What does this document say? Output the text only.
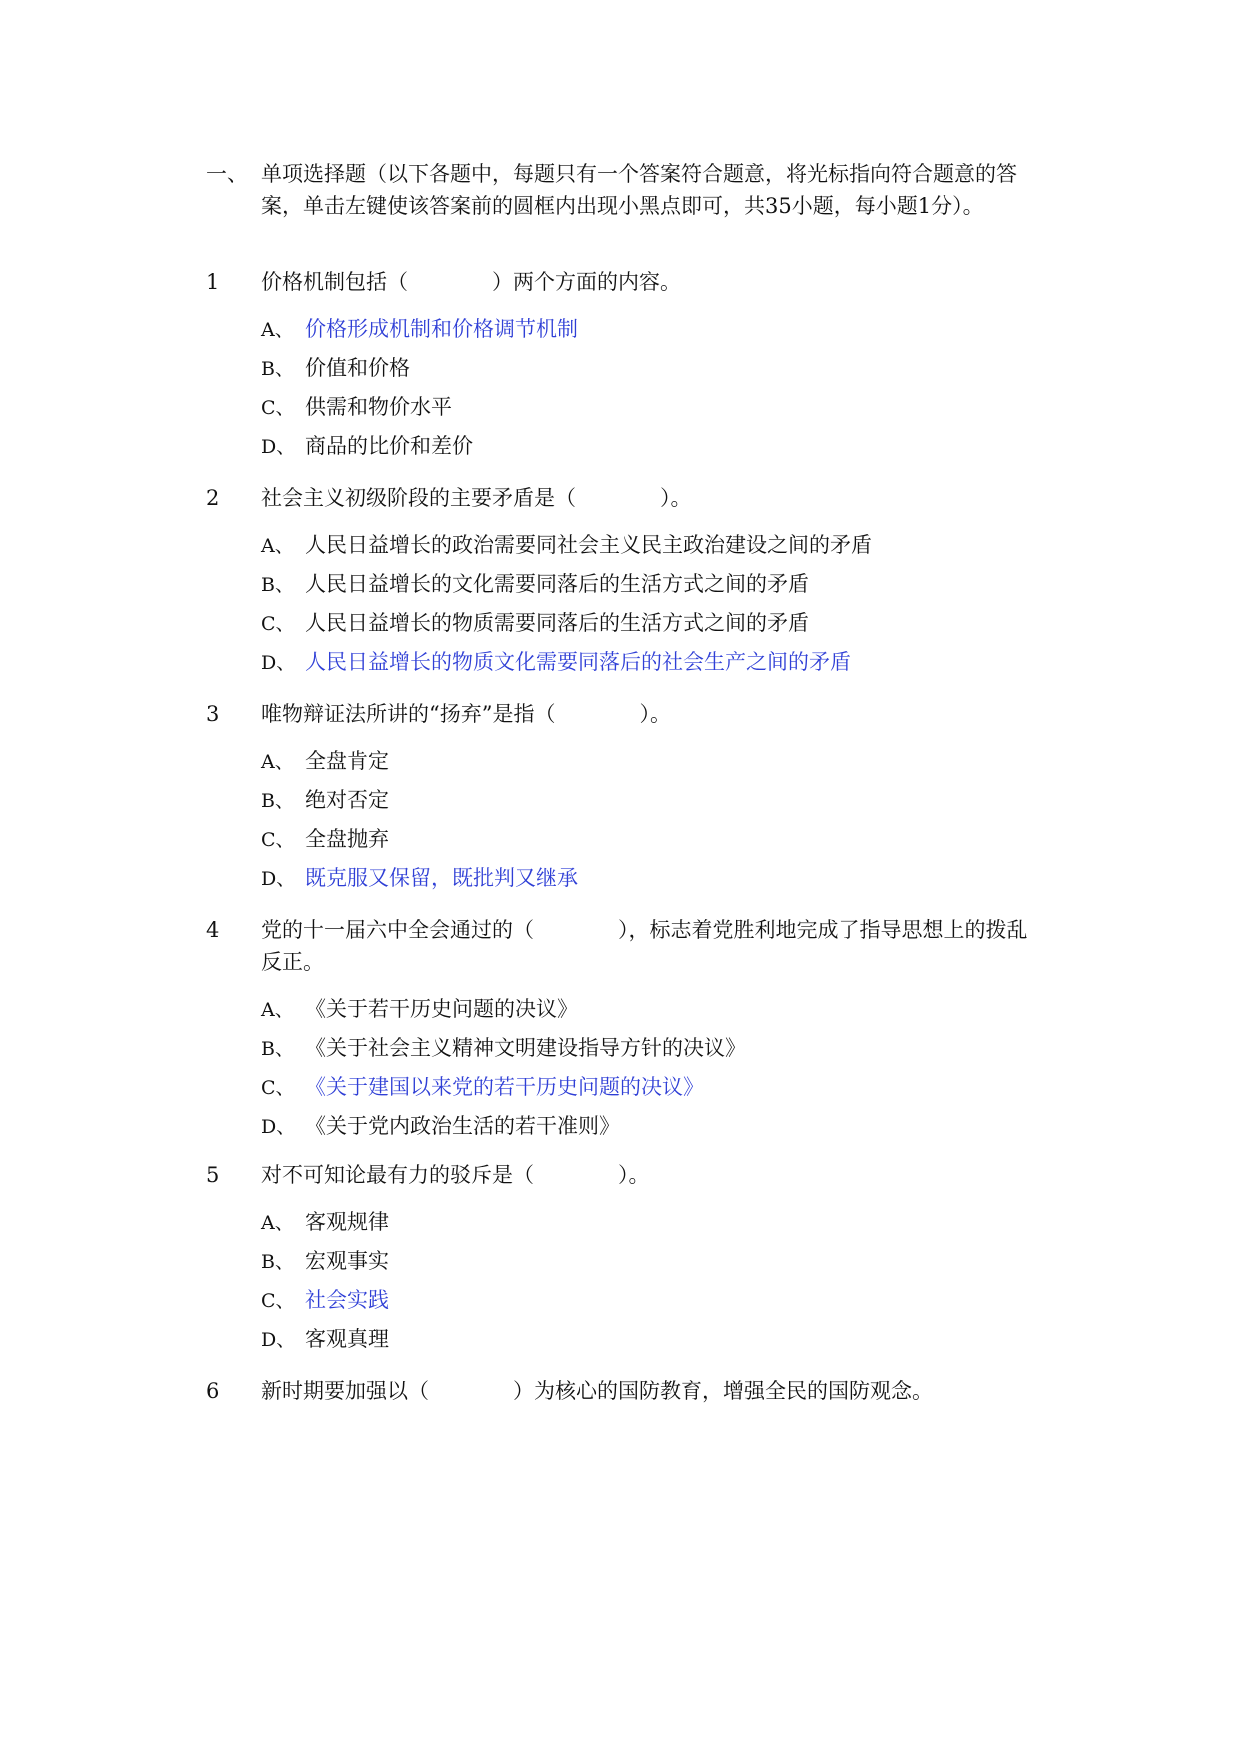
一、 单项选择题（以下各题中，每题只有一个答案符合题意，将光标指向符合题意的答案，单击左键使该答案前的圆框内出现小黑点即可，共35小题，每小题1分）。
1 价格机制包括（　　　　）两个方面的内容。
A、 价格形成机制和价格调节机制
B、 价值和价格
C、 供需和物价水平
D、 商品的比价和差价
2 社会主义初级阶段的主要矛盾是（　　　　）。
A、 人民日益增长的政治需要同社会主义民主政治建设之间的矛盾
B、 人民日益增长的文化需要同落后的生活方式之间的矛盾
C、 人民日益增长的物质需要同落后的生活方式之间的矛盾
D、 人民日益增长的物质文化需要同落后的社会生产之间的矛盾
3 唯物辩证法所讲的“扬弃”是指（　　　　）。
A、 全盘肯定
B、 绝对否定
C、 全盘抛弃
D、 既克服又保留，既批判又继承
4 党的十一届六中全会通过的（　　　　），标志着党胜利地完成了指导思想上的拨乱反正。
A、 《关于若干历史问题的决议》
B、 《关于社会主义精神文明建设指导方针的决议》
C、 《关于建国以来党的若干历史问题的决议》
D、 《关于党内政治生活的若干准则》
5 对不可知论最有力的驳斥是（　　　　）。
A、 客观规律
B、 宏观事实
C、 社会实践
D、 客观真理
6 新时期要加强以（　　　　）为核心的国防教育，增强全民的国防观念。
